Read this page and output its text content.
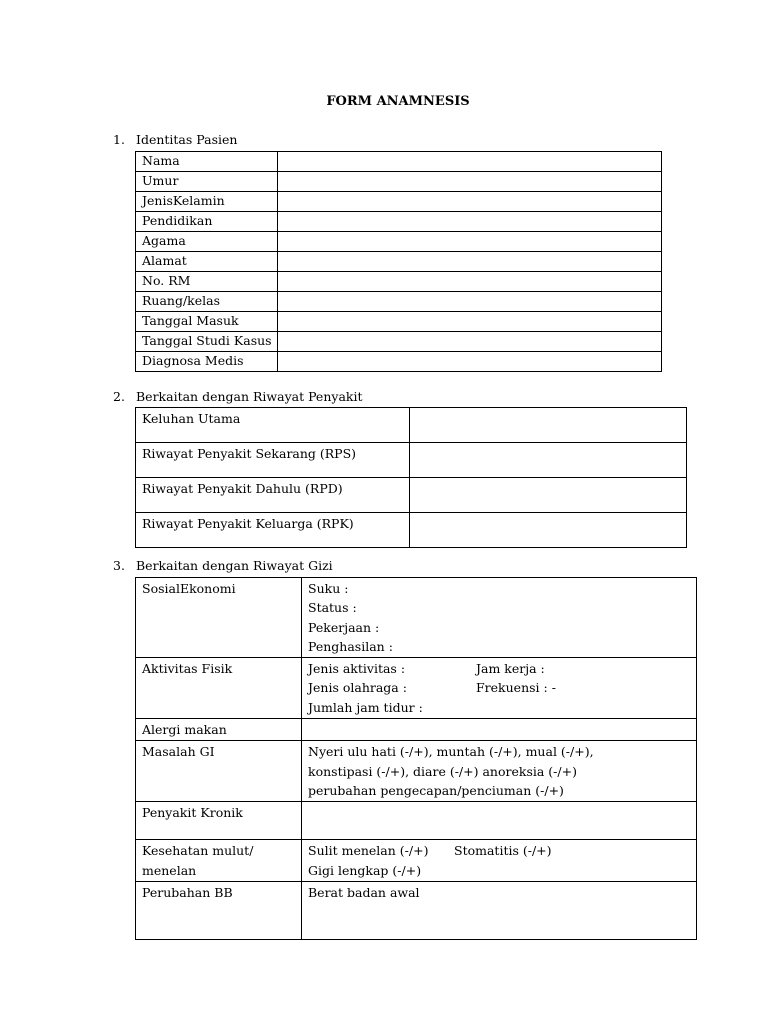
FORM ANAMNESIS
1. Identitas Pasien
Nama	
Umur	
JenisKelamin	
Pendidikan	
Agama	
Alamat	
No. RM	
Ruang/kelas	
Tanggal Masuk	
Tanggal Studi Kasus	
Diagnosa Medis	
2. Berkaitan dengan Riwayat Penyakit
Keluhan Utama	
Riwayat Penyakit Sekarang (RPS)	
Riwayat Penyakit Dahulu (RPD)	
Riwayat Penyakit Keluarga (RPK)	
3. Berkaitan dengan Riwayat Gizi
SosialEkonomi	Suku :
Status :
Pekerjaan :
Penghasilan :

Aktivitas Fisik	Jenis aktivitas : Jam kerja :
Jenis olahraga : Frekuensi : -
Jumlah jam tidur :

Alergi makan	

Masalah GI	Nyeri ulu hati (-/+), muntah (-/+), mual (-/+),
konstipasi (-/+), diare (-/+) anoreksia (-/+)
perubahan pengecapan/penciuman (-/+)

Penyakit Kronik	

Kesehatan mulut/
menelan	Sulit menelan (-/+) Stomatitis (-/+)
Gigi lengkap (-/+)

Perubahan BB	Berat badan awal
